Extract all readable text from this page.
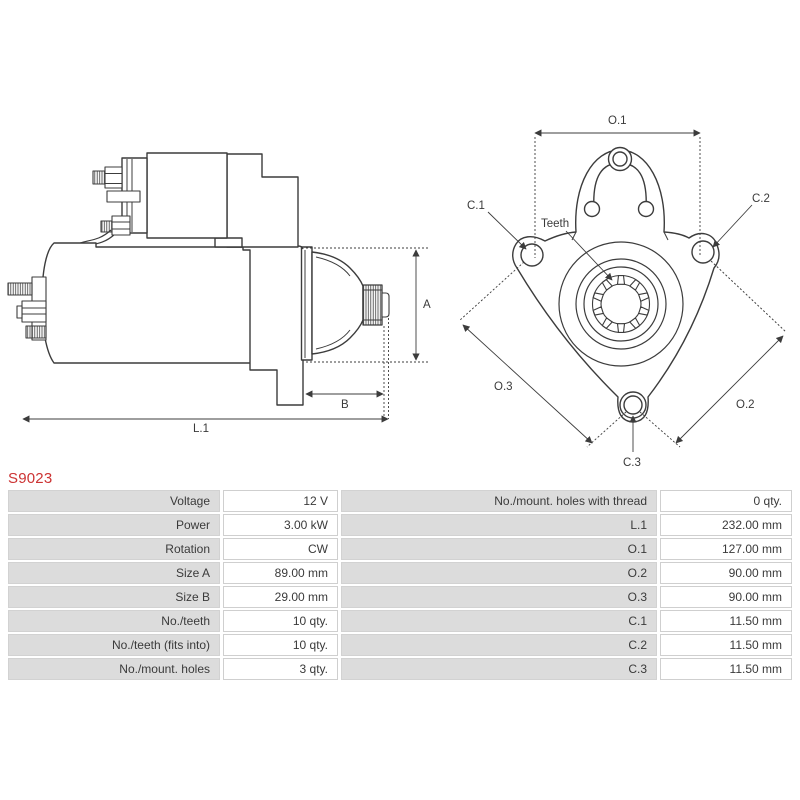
A
B
L.1
O.1
O.3
O.2
C.1
C.2
Teeth
C.3
S9023
Voltage	12 V	No./mount. holes with thread	0 qty.
Power	3.00 kW	L.1	232.00 mm
Rotation	CW	O.1	127.00 mm
Size A	89.00 mm	O.2	90.00 mm
Size B	29.00 mm	O.3	90.00 mm
No./teeth	10 qty.	C.1	11.50 mm
No./teeth (fits into)	10 qty.	C.2	11.50 mm
No./mount. holes	3 qty.	C.3	11.50 mm
